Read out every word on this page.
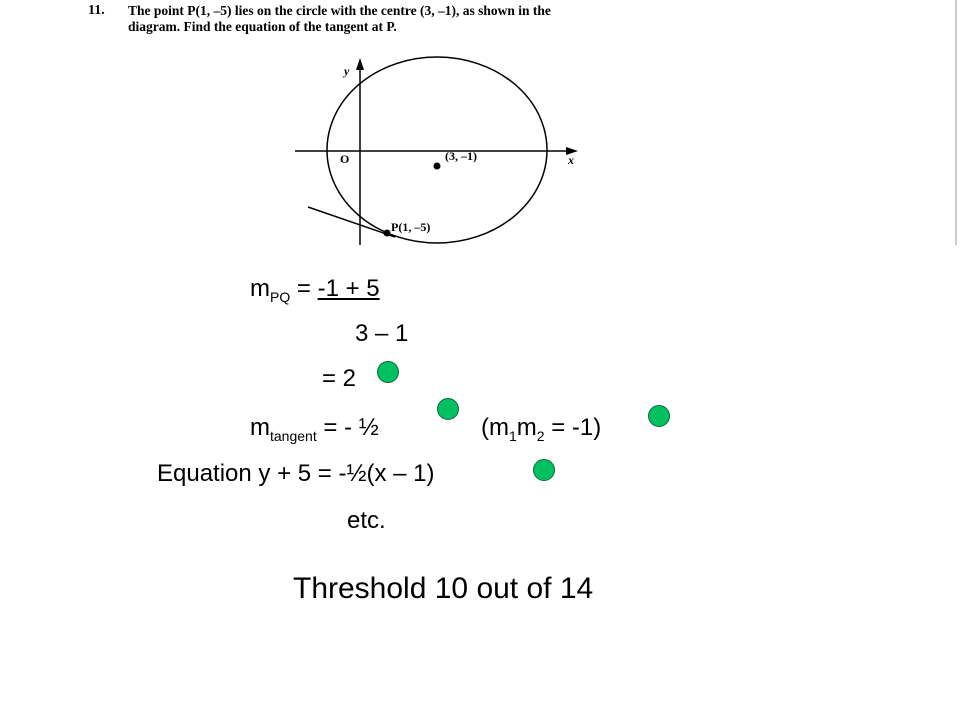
11. The point P(1, –5) lies on the circle with the centre (3, –1), as shown in the
diagram. Find the equation of the tangent at P.
y
x
O	(3, –1)
P(1, –5)
$m_{PQ} = -1 + 5$
3 – 1
= 2
$m_{tangent}$ = - ½	$(m_1m_2 = -1)$
Equation y + 5 = -½(x – 1)
etc.
Threshold 10 out of 14
